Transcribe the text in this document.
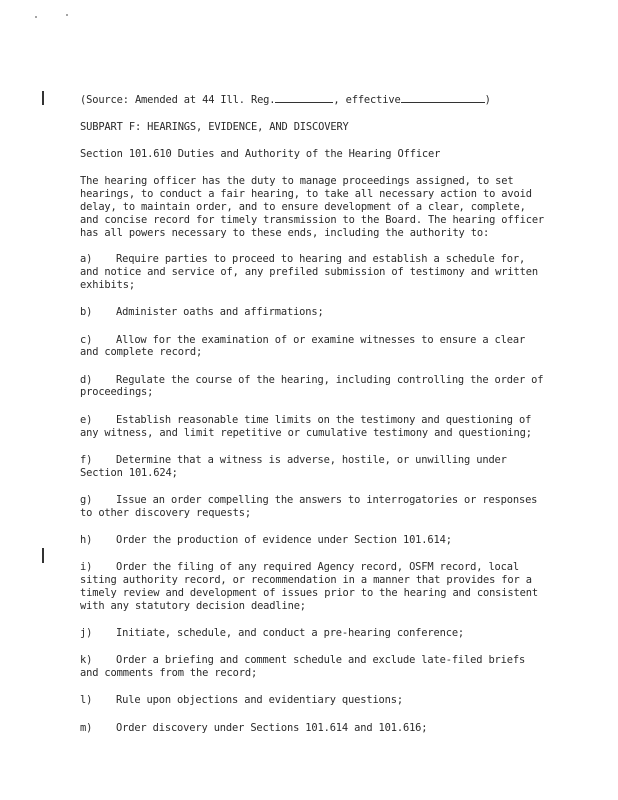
(Source: Amended at 44 Ill. Reg.	, effective	)
SUBPART F: HEARINGS, EVIDENCE, AND DISCOVERY
Section 101.610 Duties and Authority of the Hearing Officer

The hearing officer has the duty to manage proceedings assigned, to set hearings, to conduct a fair hearing, to take all necessary action to avoid delay, to maintain order, and to ensure development of a clear, complete, and concise record for timely transmission to the Board. The hearing officer has all powers necessary to these ends, including the authority to:

a) Require parties to proceed to hearing and establish a schedule for, and notice and service of, any prefiled submission of testimony and written exhibits;

b) Administer oaths and affirmations;

c) Allow for the examination of or examine witnesses to ensure a clear and complete record;

d) Regulate the course of the hearing, including controlling the order of proceedings;

e) Establish reasonable time limits on the testimony and questioning of any witness, and limit repetitive or cumulative testimony and questioning;

f) Determine that a witness is adverse, hostile, or unwilling under Section 101.624;

g) Issue an order compelling the answers to interrogatories or responses to other discovery requests;

h) Order the production of evidence under Section 101.614;

i) Order the filing of any required Agency record, OSFM record, local siting authority record, or recommendation in a manner that provides for a timely review and development of issues prior to the hearing and consistent with any statutory decision deadline;

j) Initiate, schedule, and conduct a pre-hearing conference;

k) Order a briefing and comment schedule and exclude late-filed briefs and comments from the record;

l) Rule upon objections and evidentiary questions;

m) Order discovery under Sections 101.614 and 101.616;
